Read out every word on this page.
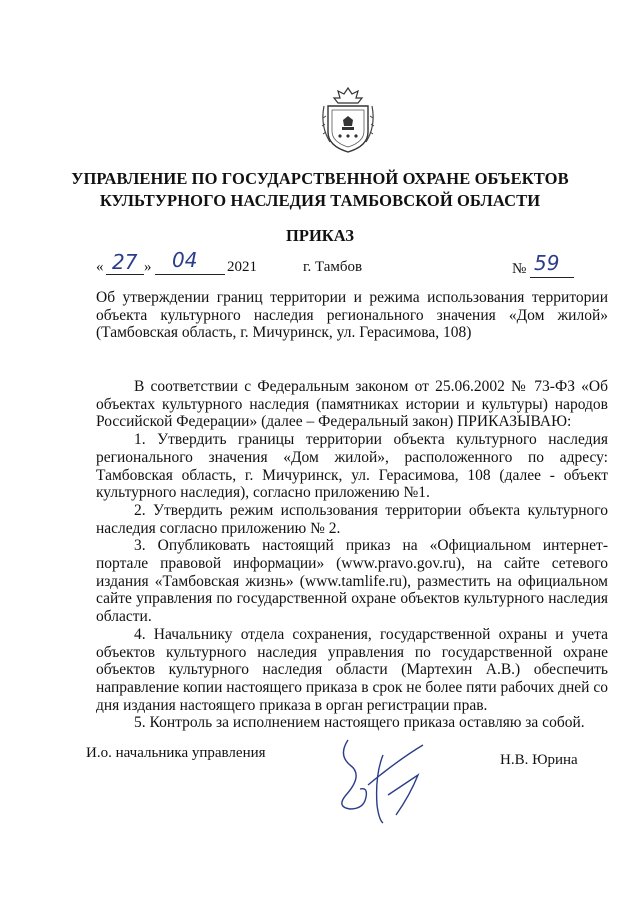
УПРАВЛЕНИЕ ПО ГОСУДАРСТВЕННОЙ ОХРАНЕ ОБЪЕКТОВ
КУЛЬТУРНОГО НАСЛЕДИЯ ТАМБОВСКОЙ ОБЛАСТИ
ПРИКАЗ
« 27 » 04 2021	г. Тамбов	№ 59
Об утверждении границ территории и режима использования территории объекта культурного наследия регионального значения «Дом жилой» (Тамбовская область, г. Мичуринск, ул. Герасимова, 108)

В соответствии с Федеральным законом от 25.06.2002 № 73-ФЗ «Об объектах культурного наследия (памятниках истории и культуры) народов Российской Федерации» (далее – Федеральный закон) ПРИКАЗЫВАЮ:

1. Утвердить границы территории объекта культурного наследия регионального значения «Дом жилой», расположенного по адресу: Тамбовская область, г. Мичуринск, ул. Герасимова, 108 (далее - объект культурного наследия), согласно приложению №1.

2. Утвердить режим использования территории объекта культурного наследия согласно приложению № 2.

3. Опубликовать настоящий приказ на «Официальном интернет-портале правовой информации» (www.pravo.gov.ru), на сайте сетевого издания «Тамбовская жизнь» (www.tamlife.ru), разместить на официальном сайте управления по государственной охране объектов культурного наследия области.

4. Начальнику отдела сохранения, государственной охраны и учета объектов культурного наследия управления по государственной охране объектов культурного наследия области (Мартехин А.В.) обеспечить направление копии настоящего приказа в срок не более пяти рабочих дней со дня издания настоящего приказа в орган регистрации прав.

5. Контроль за исполнением настоящего приказа оставляю за собой.

И.о. начальника управления	Н.В. Юрина
